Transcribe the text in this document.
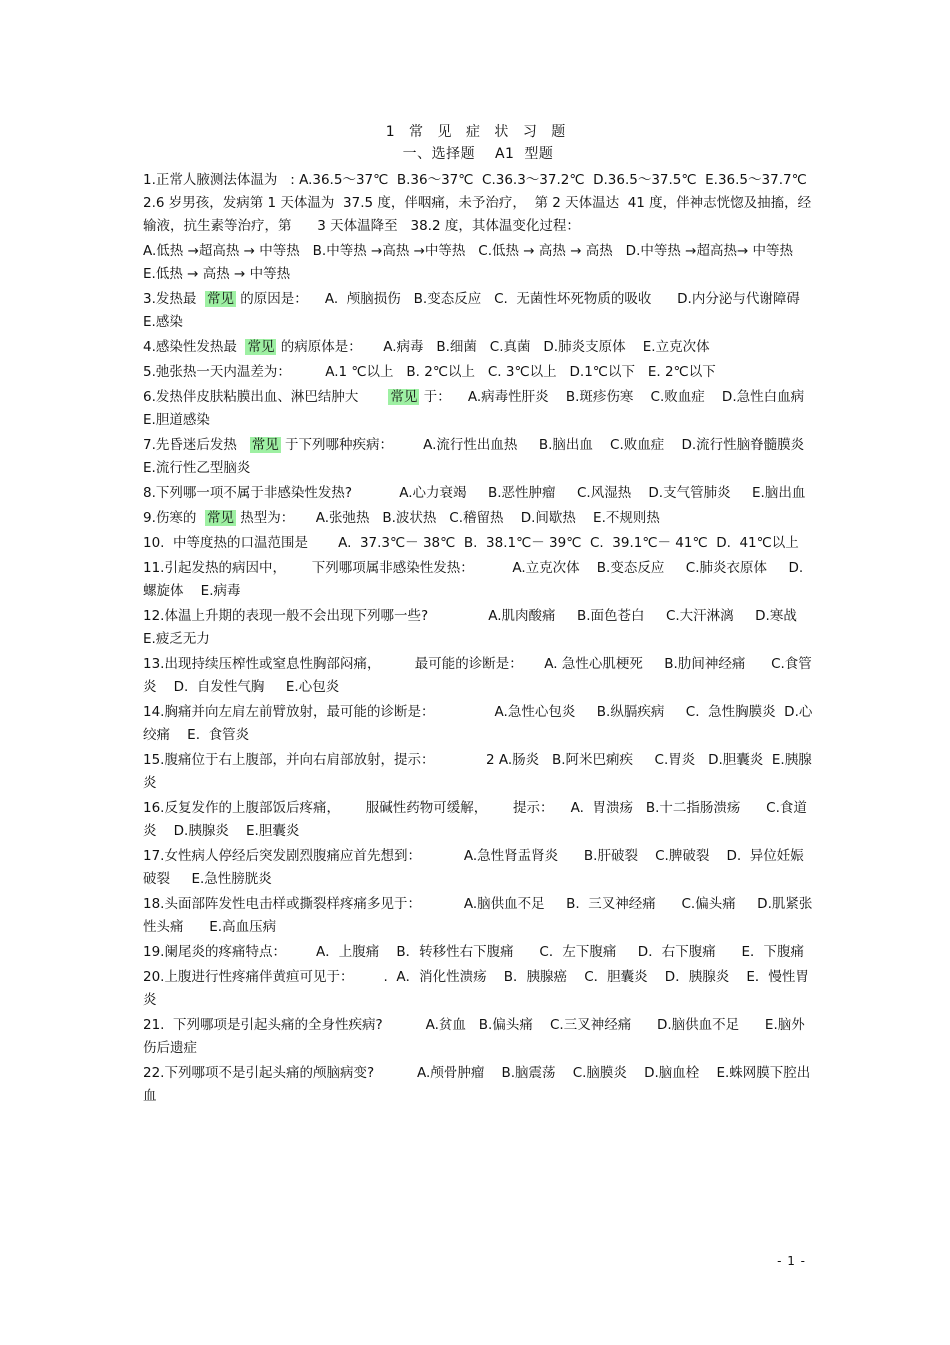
1 常 见 症 状 习 题
一、选择题    A1  型题
1.正常人腋测法体温为   : A.36.5～37℃  B.36～37℃  C.36.3～37.2℃  D.36.5～37.5℃  E.36.5～37.7℃  2.6 岁男孩，发病第 1 天体温为  37.5 度，伴咽痛，未予治疗，  第 2 天体温达  41 度，伴神志恍惚及抽搐，经输液，抗生素等治疗，第      3 天体温降至   38.2 度，其体温变化过程：
A.低热 →超高热 → 中等热   B.中等热 →高热 →中等热   C.低热 → 高热 → 高热   D.中等热 →超高热→ 中等热   E.低热 → 高热 → 中等热
3.发热最  常见 的原因是：    A.  颅脑损伤   B.变态反应   C.  无菌性坏死物质的吸收      D.内分泌与代谢障碍    E.感染
4.感染性发热最  常见 的病原体是：     A.病毒   B.细菌   C.真菌   D.肺炎支原体    E.立克次体
5.弛张热一天内温差为：        A.1 ℃以上   B. 2℃以上   C. 3℃以上   D.1℃以下   E. 2℃以下
6.发热伴皮肤粘膜出血、淋巴结肿大       常见 于：    A.病毒性肝炎    B.斑疹伤寒    C.败血症    D.急性白血病    E.胆道感染
7.先昏迷后发热   常见 于下列哪种疾病：       A.流行性出血热     B.脑出血    C.败血症    D.流行性脑脊髓膜炎    E.流行性乙型脑炎
8.下列哪一项不属于非感染性发热?           A.心力衰竭     B.恶性肿瘤     C.风湿热    D.支气管肺炎     E.脑出血
9.伤寒的  常见 热型为：     A.张弛热   B.波状热   C.稽留热    D.间歇热    E.不规则热
10.  中等度热的口温范围是       A.  37.3℃－ 38℃  B.  38.1℃－ 39℃  C.  39.1℃－ 41℃  D.  41℃以上
11.引起发热的病因中，      下列哪项属非感染性发热：         A.立克次体    B.变态反应     C.肺炎衣原体     D.螺旋体    E.病毒
12.体温上升期的表现一般不会出现下列哪一些?              A.肌肉酸痛     B.面色苍白     C.大汗淋漓     D.寒战    E.疲乏无力
13.出现持续压榨性或窒息性胸部闷痛，        最可能的诊断是：     A. 急性心肌梗死     B.肋间神经痛      C.食管炎    D.  自发性气胸     E.心包炎
14.胸痛并向左肩左前臂放射，最可能的诊断是：              A.急性心包炎     B.纵膈疾病     C.  急性胸膜炎  D.心绞痛    E.  食管炎
15.腹痛位于右上腹部，并向右肩部放射，提示：            2 A.肠炎   B.阿米巴痢疾     C.胃炎   D.胆囊炎  E.胰腺炎
16.反复发作的上腹部饭后疼痛，      服碱性药物可缓解，      提示：    A.  胃溃疡   B.十二指肠溃疡      C.食道炎    D.胰腺炎    E.胆囊炎
17.女性病人停经后突发剧烈腹痛应首先想到：          A.急性肾盂肾炎      B.肝破裂    C.脾破裂    D.  异位妊娠破裂     E.急性膀胱炎
18.头面部阵发性电击样或撕裂样疼痛多见于：          A.脑供血不足     B.  三叉神经痛      C.偏头痛     D.肌紧张性头痛      E.高血压病
19.阑尾炎的疼痛特点：       A．上腹痛    B．转移性右下腹痛      C．左下腹痛     D．右下腹痛      E．下腹痛
20.上腹进行性疼痛伴黄疸可见于：       .  A．消化性溃疡    B．胰腺癌    C．胆囊炎    D．胰腺炎    E．慢性胃炎
21.  下列哪项是引起头痛的全身性疾病?          A.贫血   B.偏头痛    C.三叉神经痛      D.脑供血不足      E.脑外伤后遗症
22.下列哪项不是引起头痛的颅脑病变?          A.颅骨肿瘤    B.脑震荡    C.脑膜炎    D.脑血栓    E.蛛网膜下腔出血
- 1 -
